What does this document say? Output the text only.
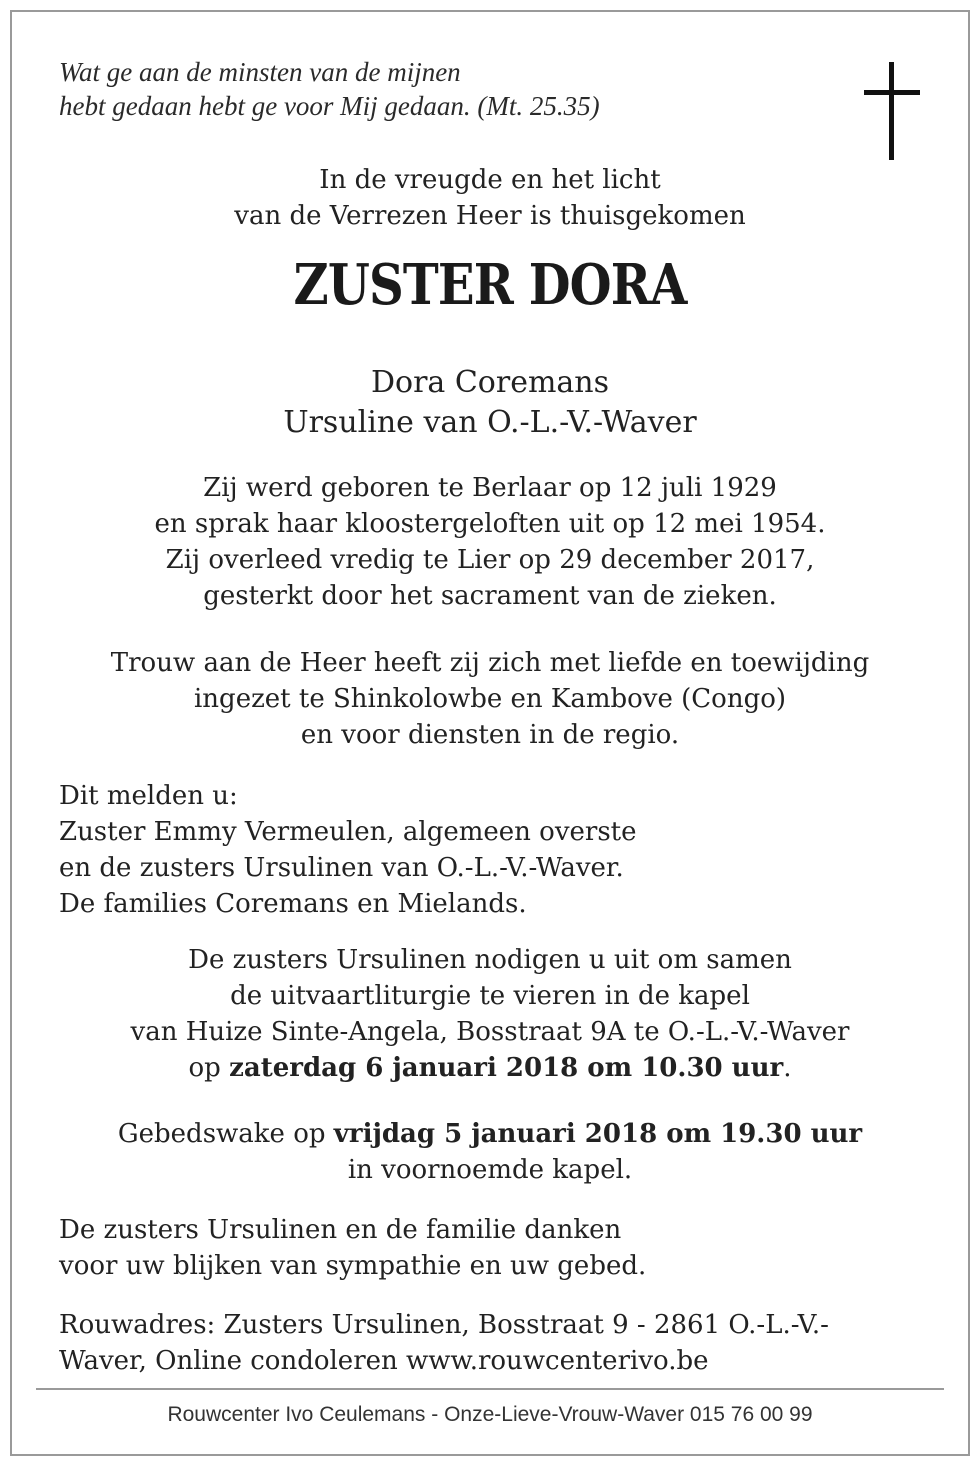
Wat ge aan de minsten van de mijnen
hebt gedaan hebt ge voor Mij gedaan. (Mt. 25.35)
In de vreugde en het licht
van de Verrezen Heer is thuisgekomen
ZUSTER DORA
Dora Coremans
Ursuline van O.-L.-V.-Waver
Zij werd geboren te Berlaar op 12 juli 1929
en sprak haar kloostergeloften uit op 12 mei 1954.
Zij overleed vredig te Lier op 29 december 2017,
gesterkt door het sacrament van de zieken.
Trouw aan de Heer heeft zij zich met liefde en toewijding
ingezet te Shinkolowbe en Kambove (Congo)
en voor diensten in de regio.
Dit melden u:
Zuster Emmy Vermeulen, algemeen overste
en de zusters Ursulinen van O.-L.-V.-Waver.
De families Coremans en Mielands.
De zusters Ursulinen nodigen u uit om samen
de uitvaartliturgie te vieren in de kapel
van Huize Sinte-Angela, Bosstraat 9A te O.-L.-V.-Waver
op zaterdag 6 januari 2018 om 10.30 uur.
Gebedswake op vrijdag 5 januari 2018 om 19.30 uur
in voornoemde kapel.
De zusters Ursulinen en de familie danken
voor uw blijken van sympathie en uw gebed.
Rouwadres: Zusters Ursulinen, Bosstraat 9 - 2861 O.-L.-V.-
Waver, Online condoleren www.rouwcenterivo.be
Rouwcenter Ivo Ceulemans - Onze-Lieve-Vrouw-Waver 015 76 00 99
